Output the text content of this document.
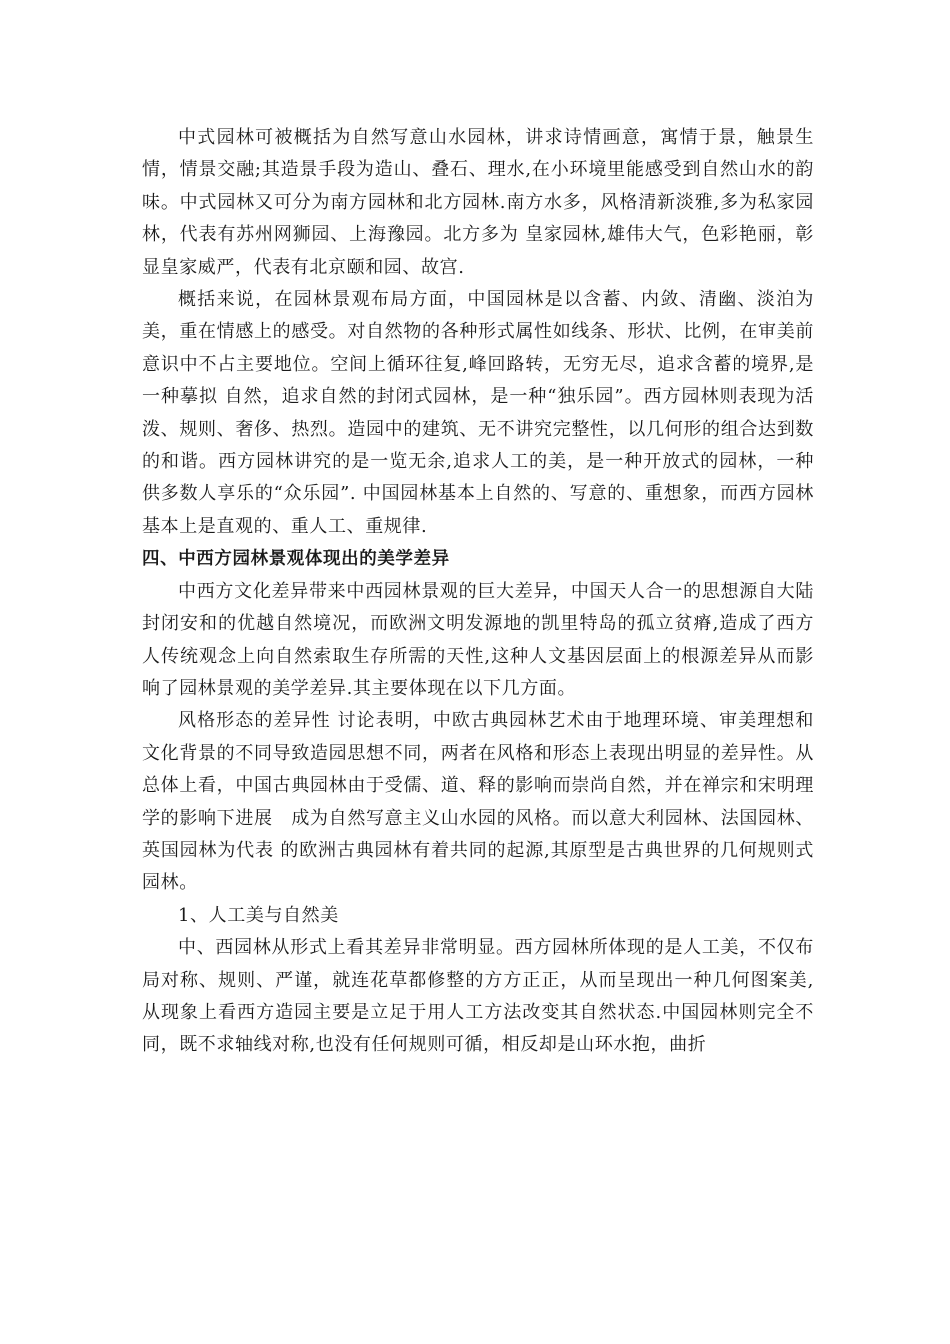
中式园林可被概括为自然写意山水园林，讲求诗情画意，寓情于景，触景生情，情景交融;其造景手段为造山、叠石、理水,在小环境里能感受到自然山水的韵味。中式园林又可分为南方园林和北方园林.南方水多，风格清新淡雅,多为私家园林，代表有苏州网狮园、上海豫园。北方多为 皇家园林,雄伟大气，色彩艳丽，彰显皇家威严，代表有北京颐和园、故宫.

概括来说，在园林景观布局方面，中国园林是以含蓄、内敛、清幽、淡泊为美，重在情感上的感受。对自然物的各种形式属性如线条、形状、比例，在审美前意识中不占主要地位。空间上循环往复,峰回路转，无穷无尽，追求含蓄的境界,是一种摹拟 自然，追求自然的封闭式园林，是一种“独乐园”。西方园林则表现为活泼、规则、奢侈、热烈。造园中的建筑、无不讲究完整性，以几何形的组合达到数的和谐。西方园林讲究的是一览无余,追求人工的美，是一种开放式的园林，一种供多数人享乐的“众乐园”. 中国园林基本上自然的、写意的、重想象，而西方园林基本上是直观的、重人工、重规律.

四、中西方园林景观体现出的美学差异

中西方文化差异带来中西园林景观的巨大差异，中国天人合一的思想源自大陆封闭安和的优越自然境况，而欧洲文明发源地的凯里特岛的孤立贫瘠,造成了西方人传统观念上向自然索取生存所需的天性,这种人文基因层面上的根源差异从而影响了园林景观的美学差异.其主要体现在以下几方面。

风格形态的差异性 讨论表明，中欧古典园林艺术由于地理环境、审美理想和文化背景的不同导致造园思想不同，两者在风格和形态上表现出明显的差异性。从总体上看，中国古典园林由于受儒、道、释的影响而崇尚自然，并在禅宗和宋明理学的影响下进展　成为自然写意主义山水园的风格。而以意大利园林、法国园林、英国园林为代表 的欧洲古典园林有着共同的起源,其原型是古典世界的几何规则式园林。

1、人工美与自然美

中、西园林从形式上看其差异非常明显。西方园林所体现的是人工美，不仅布局对称、规则、严谨，就连花草都修整的方方正正，从而呈现出一种几何图案美,从现象上看西方造园主要是立足于用人工方法改变其自然状态.中国园林则完全不同，既不求轴线对称,也没有任何规则可循，相反却是山环水抱，曲折
